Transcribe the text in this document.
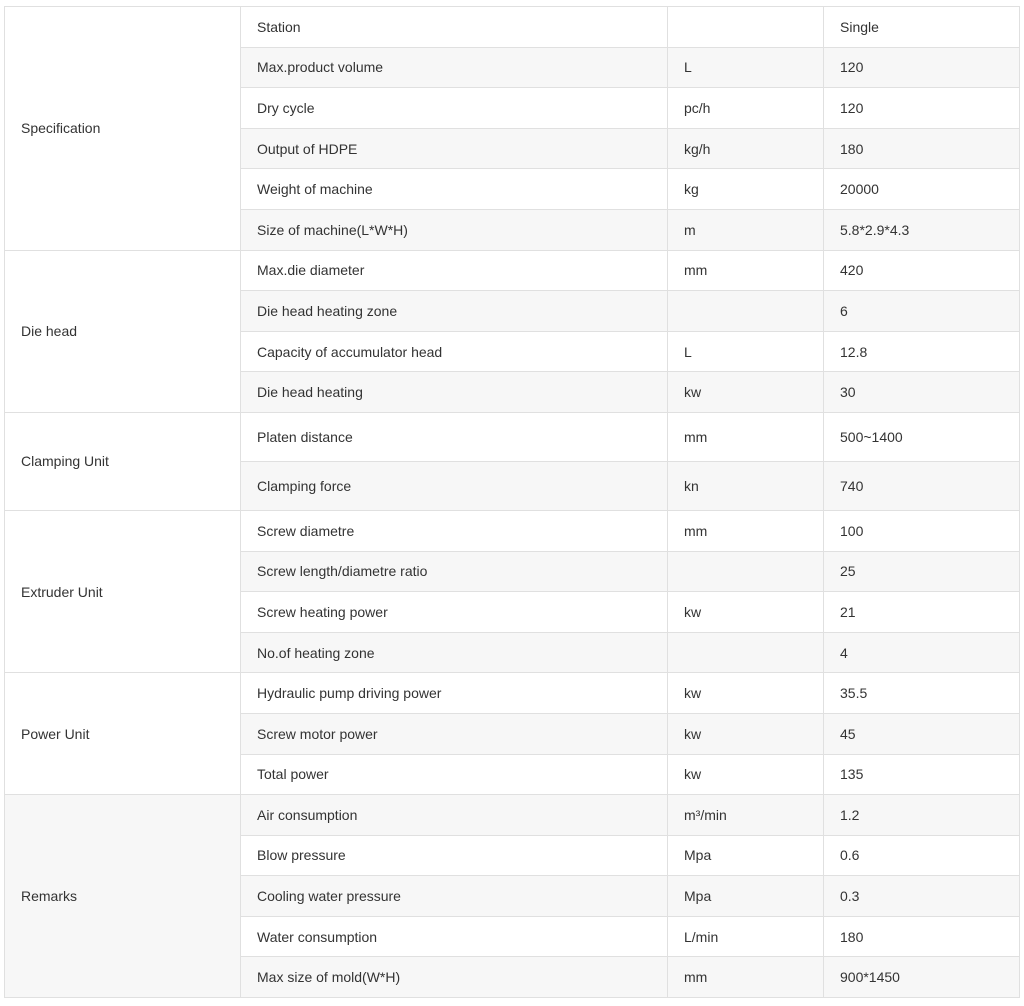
Specification	Station		Single
	Max.product volume	L	120
	Dry cycle	pc/h	120
	Output of HDPE	kg/h	180
	Weight of machine	kg	20000
	Size of machine(L*W*H)	m	5.8*2.9*4.3
Die head	Max.die diameter	mm	420
	Die head heating zone		6
	Capacity of accumulator head	L	12.8
	Die head heating	kw	30
Clamping Unit	Platen distance	mm	500~1400
	Clamping force	kn	740
Extruder Unit	Screw diametre	mm	100
	Screw length/diametre ratio		25
	Screw heating power	kw	21
	No.of heating zone		4
Power Unit	Hydraulic pump driving power	kw	35.5
	Screw motor power	kw	45
	Total power	kw	135
Remarks	Air consumption	m³/min	1.2
	Blow pressure	Mpa	0.6
	Cooling water pressure	Mpa	0.3
	Water consumption	L/min	180
	Max size of mold(W*H)	mm	900*1450
